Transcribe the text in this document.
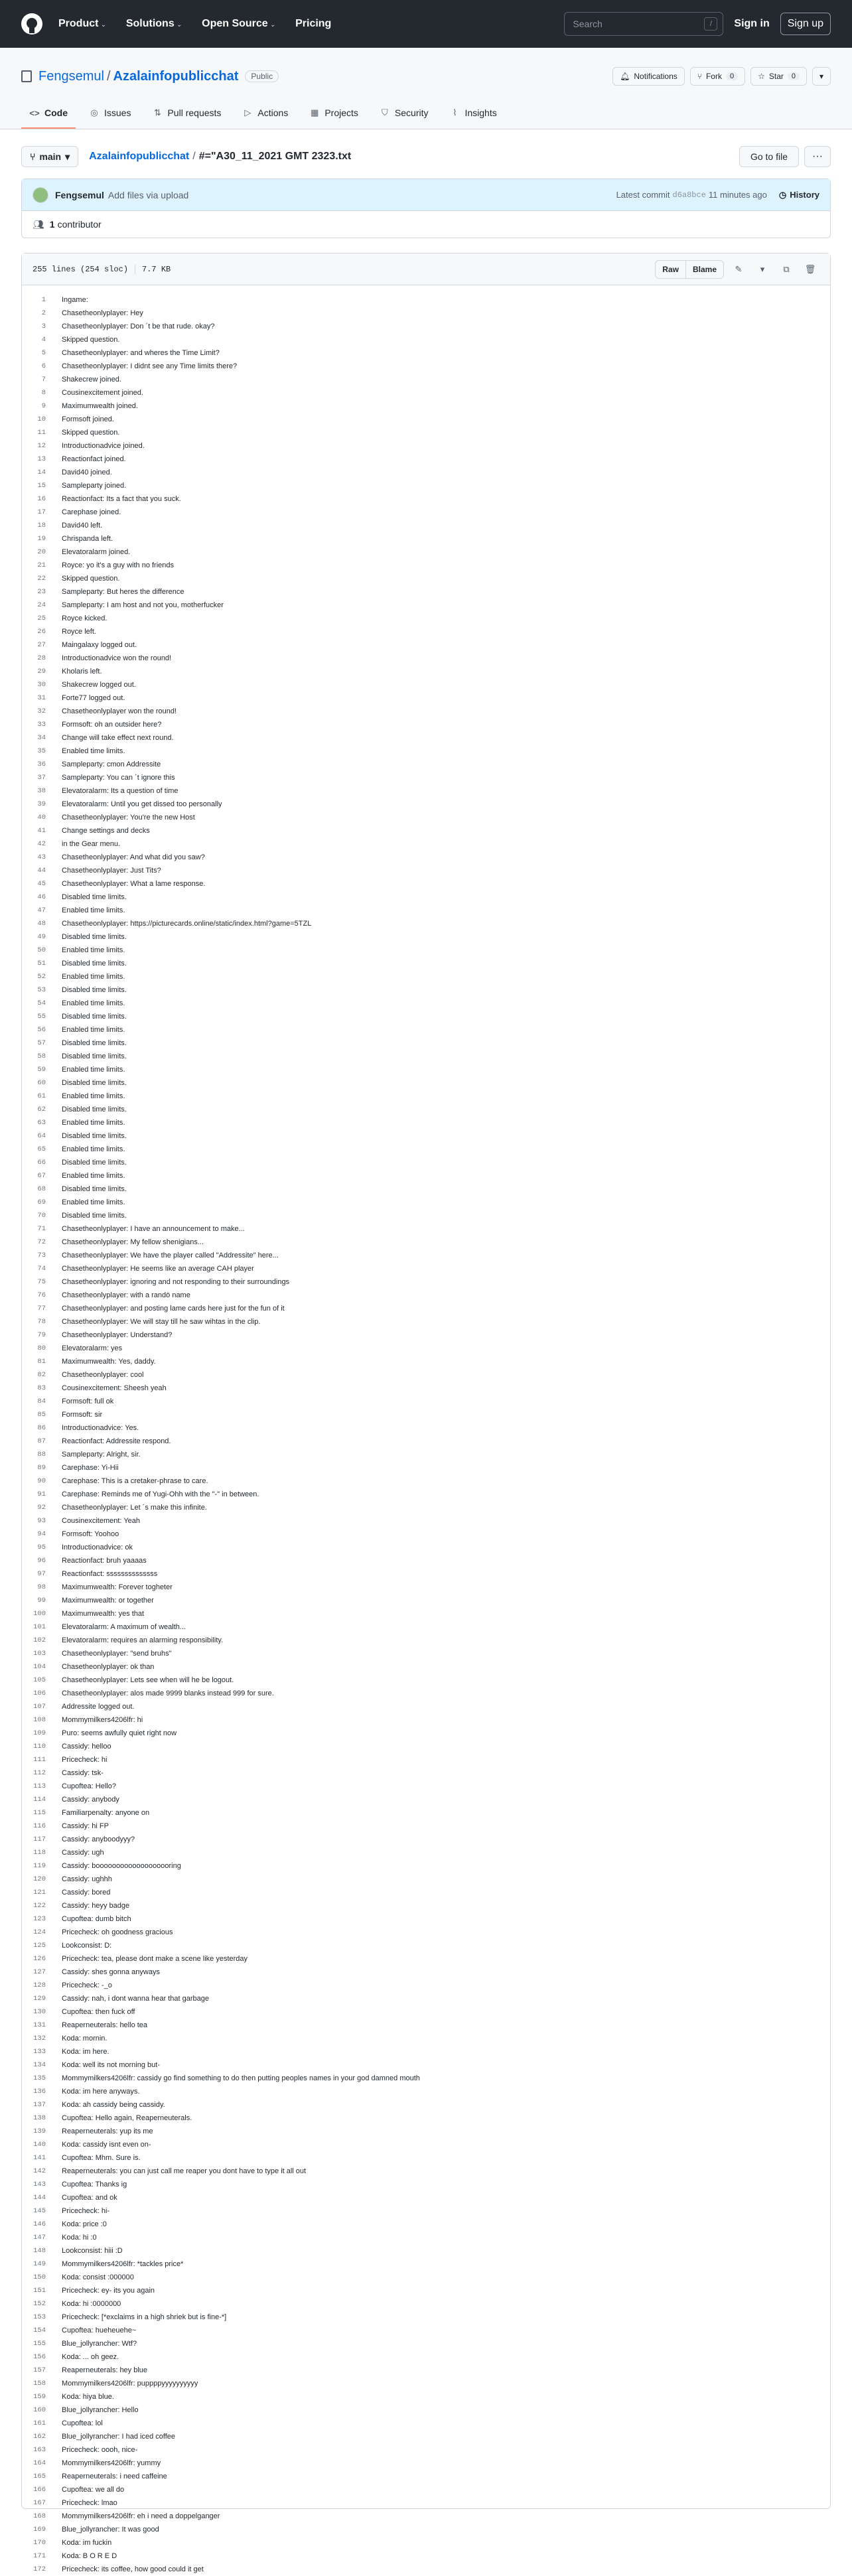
Product ⌄ Solutions ⌄ Open Source ⌄ Pricing
Search	/	Sign in	Sign up
Fengsemul / Azalainfopublicchat	Public	🔔︎ Notifications	⑂ Fork	0	☆ Star	0	▾
<> Code	◎ Issues	⇅ Pull requests	▷ Actions	▦ Projects	⛉ Security	⌇ Insights
⑂ main ▾ Azalainfopublicchat / #="A30_11_2021 GMT 2323.txt	Go to file	···
Fengsemul Add files via upload	Latest commit d6a8bce 11 minutes ago ◷ History
👥︎ 1 contributor
255 lines (254 sloc) 7.7 KB	Raw	Blame	✎	▾	⧉	🗑︎
1	Ingame:
2	Chasetheonlyplayer: Hey
3	Chasetheonlyplayer: Don ´t be that rude. okay?
4	Skipped question.
5	Chasetheonlyplayer: and wheres the Time Limit?
6	Chasetheonlyplayer: I didnt see any Time limits there?
7	Shakecrew joined.
8	Cousinexcitement joined.
9	Maximumwealth joined.
10	Formsoft joined.
11	Skipped question.
12	Introductionadvice joined.
13	Reactionfact joined.
14	David40 joined.
15	Sampleparty joined.
16	Reactionfact: Its a fact that you suck.
17	Carephase joined.
18	David40 left.
19	Chrispanda left.
20	Elevatoralarm joined.
21	Royce: yo it's a guy with no friends
22	Skipped question.
23	Sampleparty: But heres the difference
24	Sampleparty: I am host and not you, motherfucker
25	Royce kicked.
26	Royce left.
27	Maingalaxy logged out.
28	Introductionadvice won the round!
29	Kholaris left.
30	Shakecrew logged out.
31	Forte77 logged out.
32	Chasetheonlyplayer won the round!
33	Formsoft: oh an outsider here?
34	Change will take effect next round.
35	Enabled time limits.
36	Sampleparty: cmon Addressite
37	Sampleparty: You can ´t ignore this
38	Elevatoralarm: Its a question of time
39	Elevatoralarm: Until you get dissed too personally
40	Chasetheonlyplayer: You're the new Host
41	Change settings and decks
42	in the Gear menu.
43	Chasetheonlyplayer: And what did you saw?
44	Chasetheonlyplayer: Just Tits?
45	Chasetheonlyplayer: What a lame response.
46	Disabled time limits.
47	Enabled time limits.
48	Chasetheonlyplayer: https://picturecards.online/static/index.html?game=5TZL
49	Disabled time limits.
50	Enabled time limits.
51	Disabled time limits.
52	Enabled time limits.
53	Disabled time limits.
54	Enabled time limits.
55	Disabled time limits.
56	Enabled time limits.
57	Disabled time limits.
58	Disabled time limits.
59	Enabled time limits.
60	Disabled time limits.
61	Enabled time limits.
62	Disabled time limits.
63	Enabled time limits.
64	Disabled time limits.
65	Enabled time limits.
66	Disabled time limits.
67	Enabled time limits.
68	Disabled time limits.
69	Enabled time limits.
70	Disabled time limits.
71	Chasetheonlyplayer: I have an announcement to make...
72	Chasetheonlyplayer: My fellow shenigians...
73	Chasetheonlyplayer: We have the player called "Addressite" here...
74	Chasetheonlyplayer: He seems like an average CAH player
75	Chasetheonlyplayer: ignoring and not responding to their surroundings
76	Chasetheonlyplayer: with a randö name
77	Chasetheonlyplayer: and posting lame cards here just for the fun of it
78	Chasetheonlyplayer: We will stay till he saw wihtas in the clip.
79	Chasetheonlyplayer: Understand?
80	Elevatoralarm: yes
81	Maximumwealth: Yes, daddy.
82	Chasetheonlyplayer: cool
83	Cousinexcitement: Sheesh yeah
84	Formsoft: full ok
85	Formsoft: sir
86	Introductionadvice: Yes.
87	Reactionfact: Addressite respond.
88	Sampleparty: Alright, sir.
89	Carephase: Yi-Hii
90	Carephase: This is a cretaker-phrase to care.
91	Carephase: Reminds me of Yugi-Ohh with the "-" in between.
92	Chasetheonlyplayer: Let ´s make this infinite.
93	Cousinexcitement: Yeah
94	Formsoft: Yoohoo
95	Introductionadvice: ok
96	Reactionfact: bruh yaaaas
97	Reactionfact: ssssssssssssss
98	Maximumwealth: Forever togheter
99	Maximumwealth: or together
100	Maximumwealth: yes that
101	Elevatoralarm: A maximum of wealth...
102	Elevatoralarm: requires an alarming responsibility.
103	Chasetheonlyplayer: "send bruhs"
104	Chasetheonlyplayer: ok than
105	Chasetheonlyplayer: Lets see when will he be logout.
106	Chasetheonlyplayer: alos made 9999 blanks instead 999 for sure.
107	Addressite logged out.
108	Mommymilkers4206lfr: hi
109	Puro: seems awfully quiet right now
110	Cassidy: helloo
111	Pricecheck: hi
112	Cassidy: tsk-
113	Cupoftea: Hello?
114	Cassidy: anybody
115	Familiarpenalty: anyone on
116	Cassidy: hi FP
117	Cassidy: anyboodyyy?
118	Cassidy: ugh
119	Cassidy: booooooooooooooooooring
120	Cassidy: ughhh
121	Cassidy: bored
122	Cassidy: heyy badge
123	Cupoftea: dumb bitch
124	Pricecheck: oh goodness gracious
125	Lookconsist: D:
126	Pricecheck: tea, please dont make a scene like yesterday
127	Cassidy: shes gonna anyways
128	Pricecheck: -_o
129	Cassidy: nah, i dont wanna hear that garbage
130	Cupoftea: then fuck off
131	Reaperneuterals: hello tea
132	Koda: mornin.
133	Koda: im here.
134	Koda: well its not morning but-
135	Mommymilkers4206lfr: cassidy go find something to do then putting peoples names in your god damned mouth
136	Koda: im here anyways.
137	Koda: ah cassidy being cassidy.
138	Cupoftea: Hello again, Reaperneuterals.
139	Reaperneuterals: yup its me
140	Koda: cassidy isnt even on-
141	Cupoftea: Mhm. Sure is.
142	Reaperneuterals: you can just call me reaper you dont have to type it all out
143	Cupoftea: Thanks ig
144	Cupoftea: and ok
145	Pricecheck: hi-
146	Koda: price :0
147	Koda: hi :0
148	Lookconsist: hiii :D
149	Mommymilkers4206lfr: *tackles price*
150	Koda: consist :000000
151	Pricecheck: ey- its you again
152	Koda: hi :0000000
153	Pricecheck: [*exclaims in a high shriek but is fine-*]
154	Cupoftea: hueheuehe~
155	Blue_jollyrancher: Wtf?
156	Koda: ... oh geez.
157	Reaperneuterals: hey blue
158	Mommymilkers4206lfr: puppppyyyyyyyyyy
159	Koda: hiya blue.
160	Blue_jollyrancher: Hello
161	Cupoftea: lol
162	Blue_jollyrancher: I had iced coffee
163	Pricecheck: oooh, nice-
164	Mommymilkers4206lfr: yummy
165	Reaperneuterals: i need caffeine
166	Cupoftea: we all do
167	Pricecheck: lmao
168	Mommymilkers4206lfr: eh i need a doppelganger
169	Blue_jollyrancher: It was good
170	Koda: im fuckin
171	Koda: B O R E D
172	Pricecheck: its coffee, how good could it get
